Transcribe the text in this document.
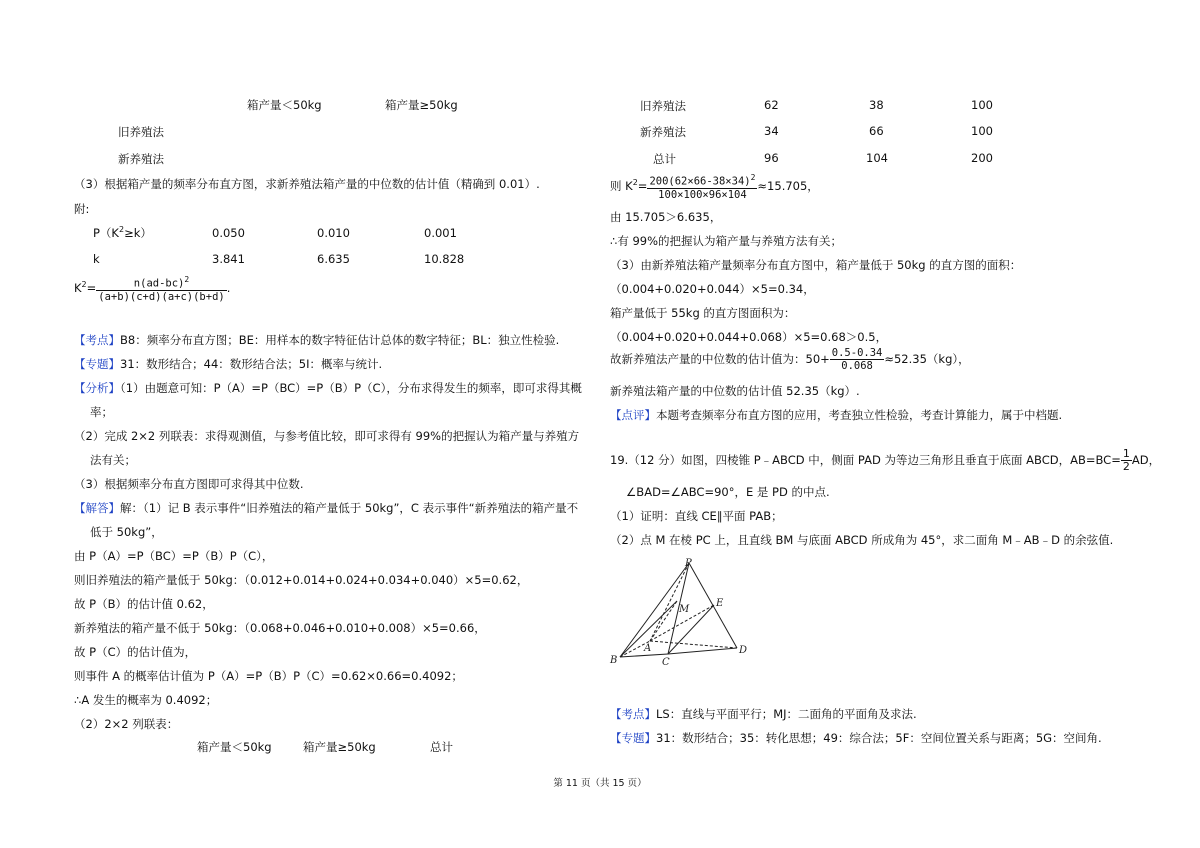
箱产量＜50kg	箱产量≥50kg
旧养殖法
新养殖法
（3）根据箱产量的频率分布直方图，求新养殖法箱产量的中位数的估计值（精确到 0.01）.
附:
$P(K^2\ge k)$	0.050	0.010	0.001
k	3.841	6.635	10.828
$K^2= \frac{n(ad-bc)^2}{(a+b)(c+d)(a+c)(b+d)}$ .
【考点】B8：频率分布直方图；BE：用样本的数字特征估计总体的数字特征；BL：独立性检验.
【专题】31：数形结合；44：数形结合法；5I：概率与统计.
【分析】（1）由题意可知：P（A）=P（BC）=P（B）P（C），分布求得发生的频率，即可求得其概
率；
（2）完成 2×2 列联表：求得观测值，与参考值比较，即可求得有 99%的把握认为箱产量与养殖方
法有关；
（3）根据频率分布直方图即可求得其中位数.
【解答】解：（1）记 B 表示事件“旧养殖法的箱产量低于 50kg”，C 表示事件“新养殖法的箱产量不
低于 50kg”，
由 P（A）=P（BC）=P（B）P（C），
则旧养殖法的箱产量低于 50kg：（0.012+0.014+0.024+0.034+0.040）×5=0.62，
故 P（B）的估计值 0.62，
新养殖法的箱产量不低于 50kg：（0.068+0.046+0.010+0.008）×5=0.66，
故 P（C）的估计值为，
则事件 A 的概率估计值为 P（A）=P（B）P（C）=0.62×0.66=0.4092；
∴A 发生的概率为 0.4092；
（2）2×2 列联表：
箱产量＜50kg	箱产量≥50kg	总计
旧养殖法	62	38	100
新养殖法	34	66	100
总计	96	104	200
则 $K^2= \frac{200(62\times 66-38\times 34)^2}{100\times 100\times 96\times 104} \approx 15.705$，
由 15.705＞6.635，
∴有 99%的把握认为箱产量与养殖方法有关；
（3）由新养殖法箱产量频率分布直方图中，箱产量低于 50kg 的直方图的面积：
（0.004+0.020+0.044）×5=0.34，
箱产量低于 55kg 的直方图面积为：
（0.004+0.020+0.044+0.068）×5=0.68＞0.5，
故新养殖法产量的中位数的估计值为：$50+ \frac{0.5-0.34}{0.068} \approx 52.35(kg)$，
新养殖法箱产量的中位数的估计值 52.35（kg）.
【点评】本题考查频率分布直方图的应用，考查独立性检验，考查计算能力，属于中档题.
19.（12 分）如图，四棱锥 P﹣ABCD 中，侧面 PAD 为等边三角形且垂直于底面 ABCD，$AB=BC= \frac{1}{2}$ AD，
∠BAD=∠ABC=90°，E 是 PD 的中点.
（1）证明：直线 CE∥平面 PAB；
（2）点 M 在棱 PC 上，且直线 BM 与底面 ABCD 所成角为 45°，求二面角 M﹣AB﹣D 的余弦值.
P
M
E
A
B	C
D
【考点】LS：直线与平面平行；MJ：二面角的平面角及求法.
【专题】31：数形结合；35：转化思想；49：综合法；5F：空间位置关系与距离；5G：空间角.
第 11 页（共 15 页）
